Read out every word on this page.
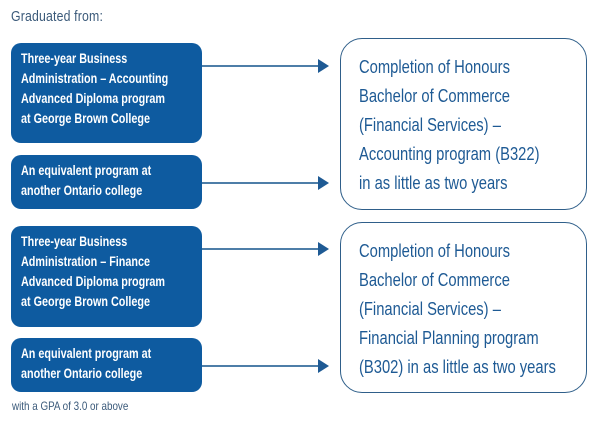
Graduated from:
Three-year Business
Administration – Accounting
Advanced Diploma program
at George Brown College
An equivalent program at
another Ontario college
Three-year Business
Administration – Finance
Advanced Diploma program
at George Brown College
An equivalent program at
another Ontario college
Completion of Honours
Bachelor of Commerce
(Financial Services) –
Accounting program (B322)
in as little as two years
Completion of Honours
Bachelor of Commerce
(Financial Services) –
Financial Planning program
(B302) in as little as two years
with a GPA of 3.0 or above
